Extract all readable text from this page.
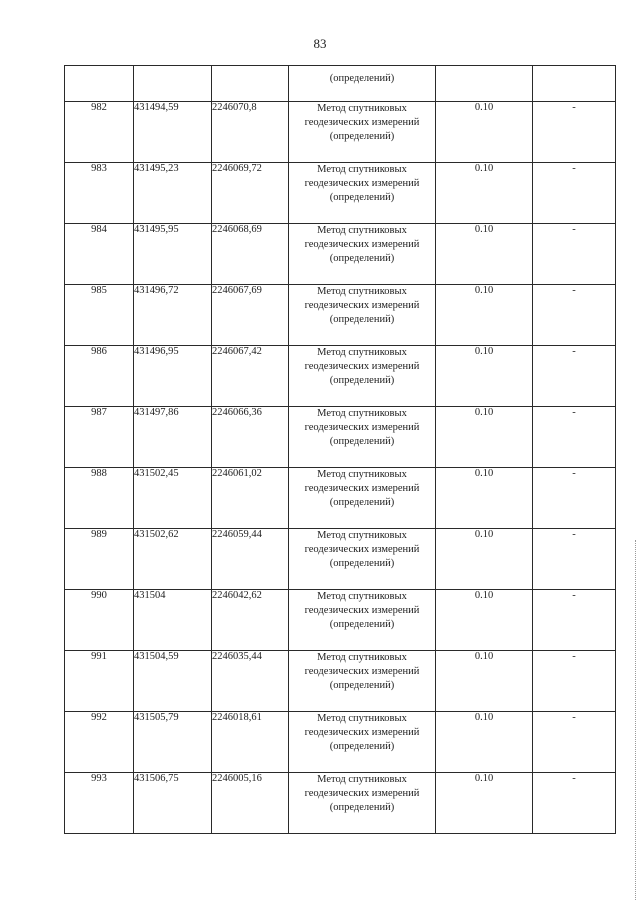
83
			(определений)		
982	431494,59	2246070,8	Метод спутниковых
геодезических измерений
(определений)	0.10	-
983	431495,23	2246069,72	Метод спутниковых
геодезических измерений
(определений)	0.10	-
984	431495,95	2246068,69	Метод спутниковых
геодезических измерений
(определений)	0.10	-
985	431496,72	2246067,69	Метод спутниковых
геодезических измерений
(определений)	0.10	-
986	431496,95	2246067,42	Метод спутниковых
геодезических измерений
(определений)	0.10	-
987	431497,86	2246066,36	Метод спутниковых
геодезических измерений
(определений)	0.10	-
988	431502,45	2246061,02	Метод спутниковых
геодезических измерений
(определений)	0.10	-
989	431502,62	2246059,44	Метод спутниковых
геодезических измерений
(определений)	0.10	-
990	431504	2246042,62	Метод спутниковых
геодезических измерений
(определений)	0.10	-
991	431504,59	2246035,44	Метод спутниковых
геодезических измерений
(определений)	0.10	-
992	431505,79	2246018,61	Метод спутниковых
геодезических измерений
(определений)	0.10	-
993	431506,75	2246005,16	Метод спутниковых
геодезических измерений
(определений)	0.10	-
